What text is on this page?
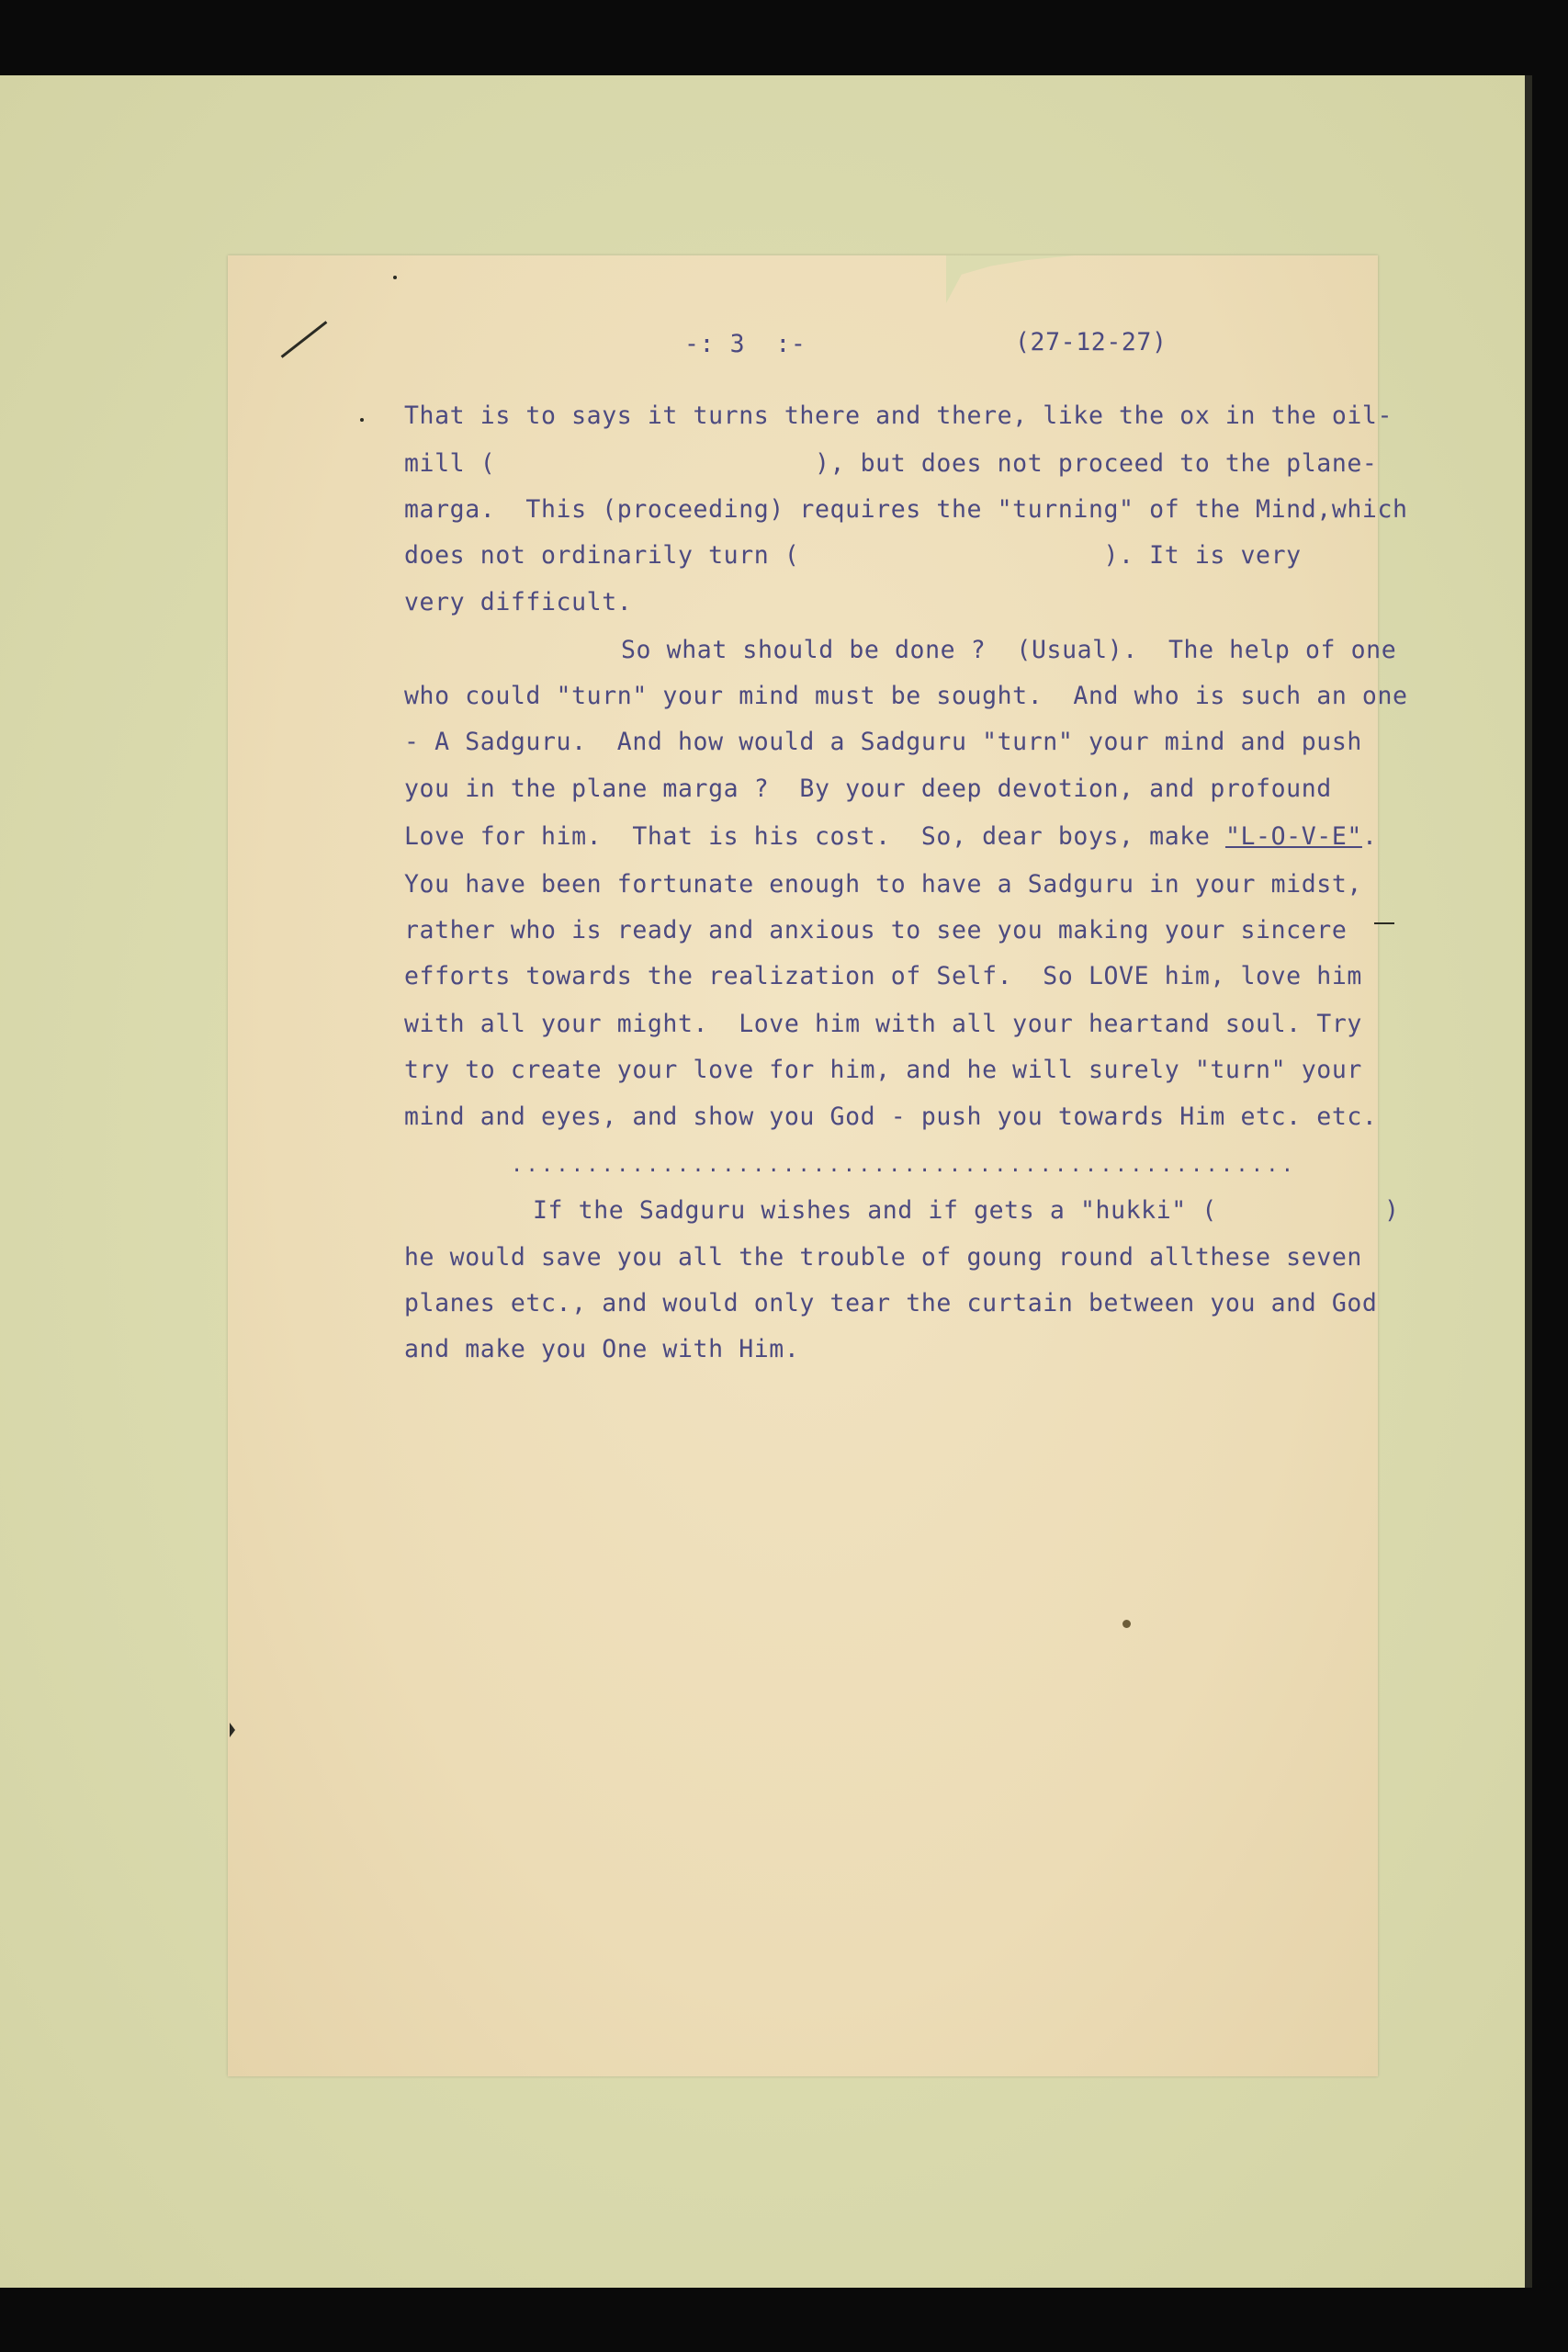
-: 3  :-	(27-12-27)
That is to says it turns there and there, like the ox in the oil-
mill (                     ), but does not proceed to the plane-
marga.  This (proceeding) requires the "turning" of the Mind,which
does not ordinarily turn (                    ). It is very
very difficult.
So what should be done ?  (Usual).  The help of one
who could "turn" your mind must be sought.  And who is such an one
- A Sadguru.  And how would a Sadguru "turn" your mind and push
you in the plane marga ?  By your deep devotion, and profound
Love for him.  That is his cost.  So, dear boys, make "L-O-V-E".
You have been fortunate enough to have a Sadguru in your midst,
rather who is ready and anxious to see you making your sincere
efforts towards the realization of Self.  So LOVE him, love him
with all your might.  Love him with all your heartand soul. Try
try to create your love for him, and he will surely "turn" your
mind and eyes, and show you God - push you towards Him etc. etc.
....................................................
If the Sadguru wishes and if gets a "hukki" (           )
he would save you all the trouble of goung round allthese seven
planes etc., and would only tear the curtain between you and God
and make you One with Him.
